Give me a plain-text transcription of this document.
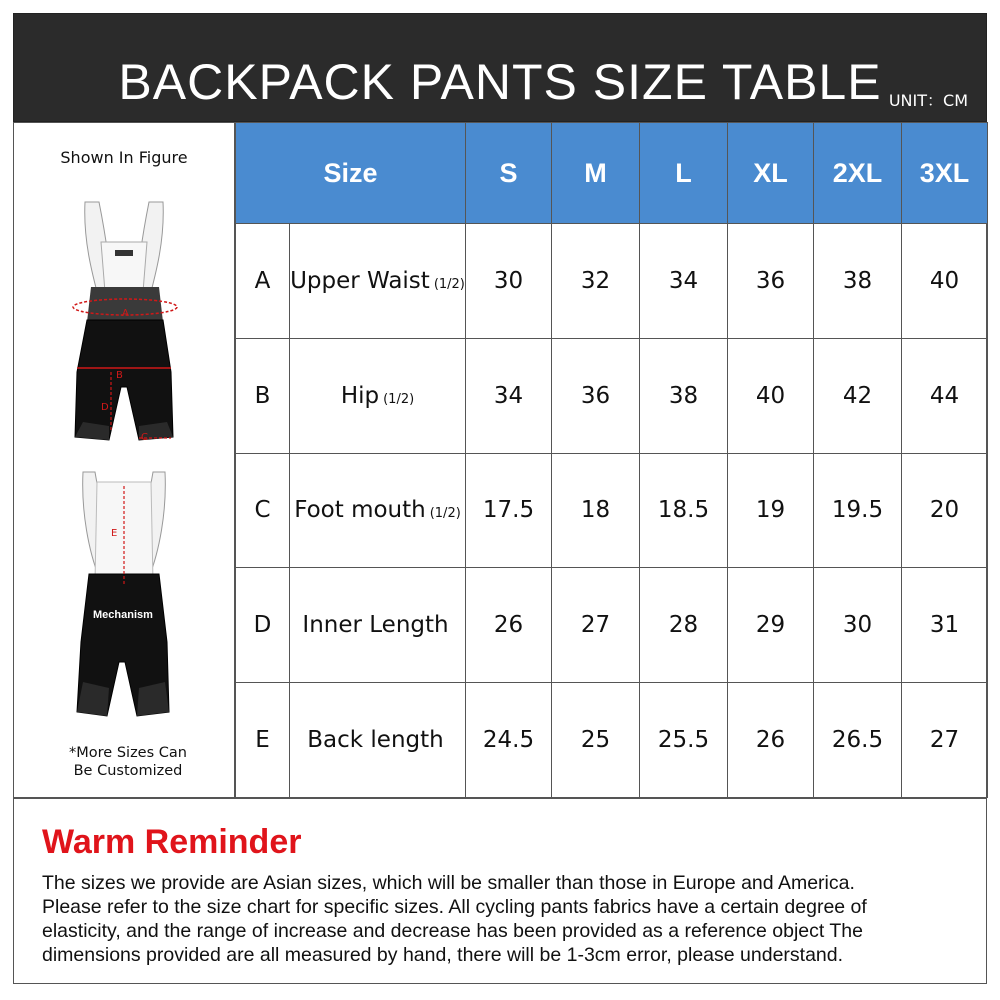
BACKPACK PANTS SIZE TABLE UNIT：CM
Shown In Figure
A
B
D
C
Mechanism
E
*More Sizes Can
Be Customized
Size		S	M	L	XL	2XL	3XL
A	Upper Waist (1/2)	30	32	34	36	38	40
B	Hip (1/2)	34	36	38	40	42	44
C	Foot mouth (1/2)	17.5	18	18.5	19	19.5	20
D	Inner Length	26	27	28	29	30	31
E	Back length	24.5	25	25.5	26	26.5	27
Warm Reminder
The sizes we provide are Asian sizes, which will be smaller than those in Europe and America.
Please refer to the size chart for specific sizes. All cycling pants fabrics have a certain degree of
elasticity, and the range of increase and decrease has been provided as a reference object The
dimensions provided are all measured by hand, there will be 1-3cm error, please understand.
